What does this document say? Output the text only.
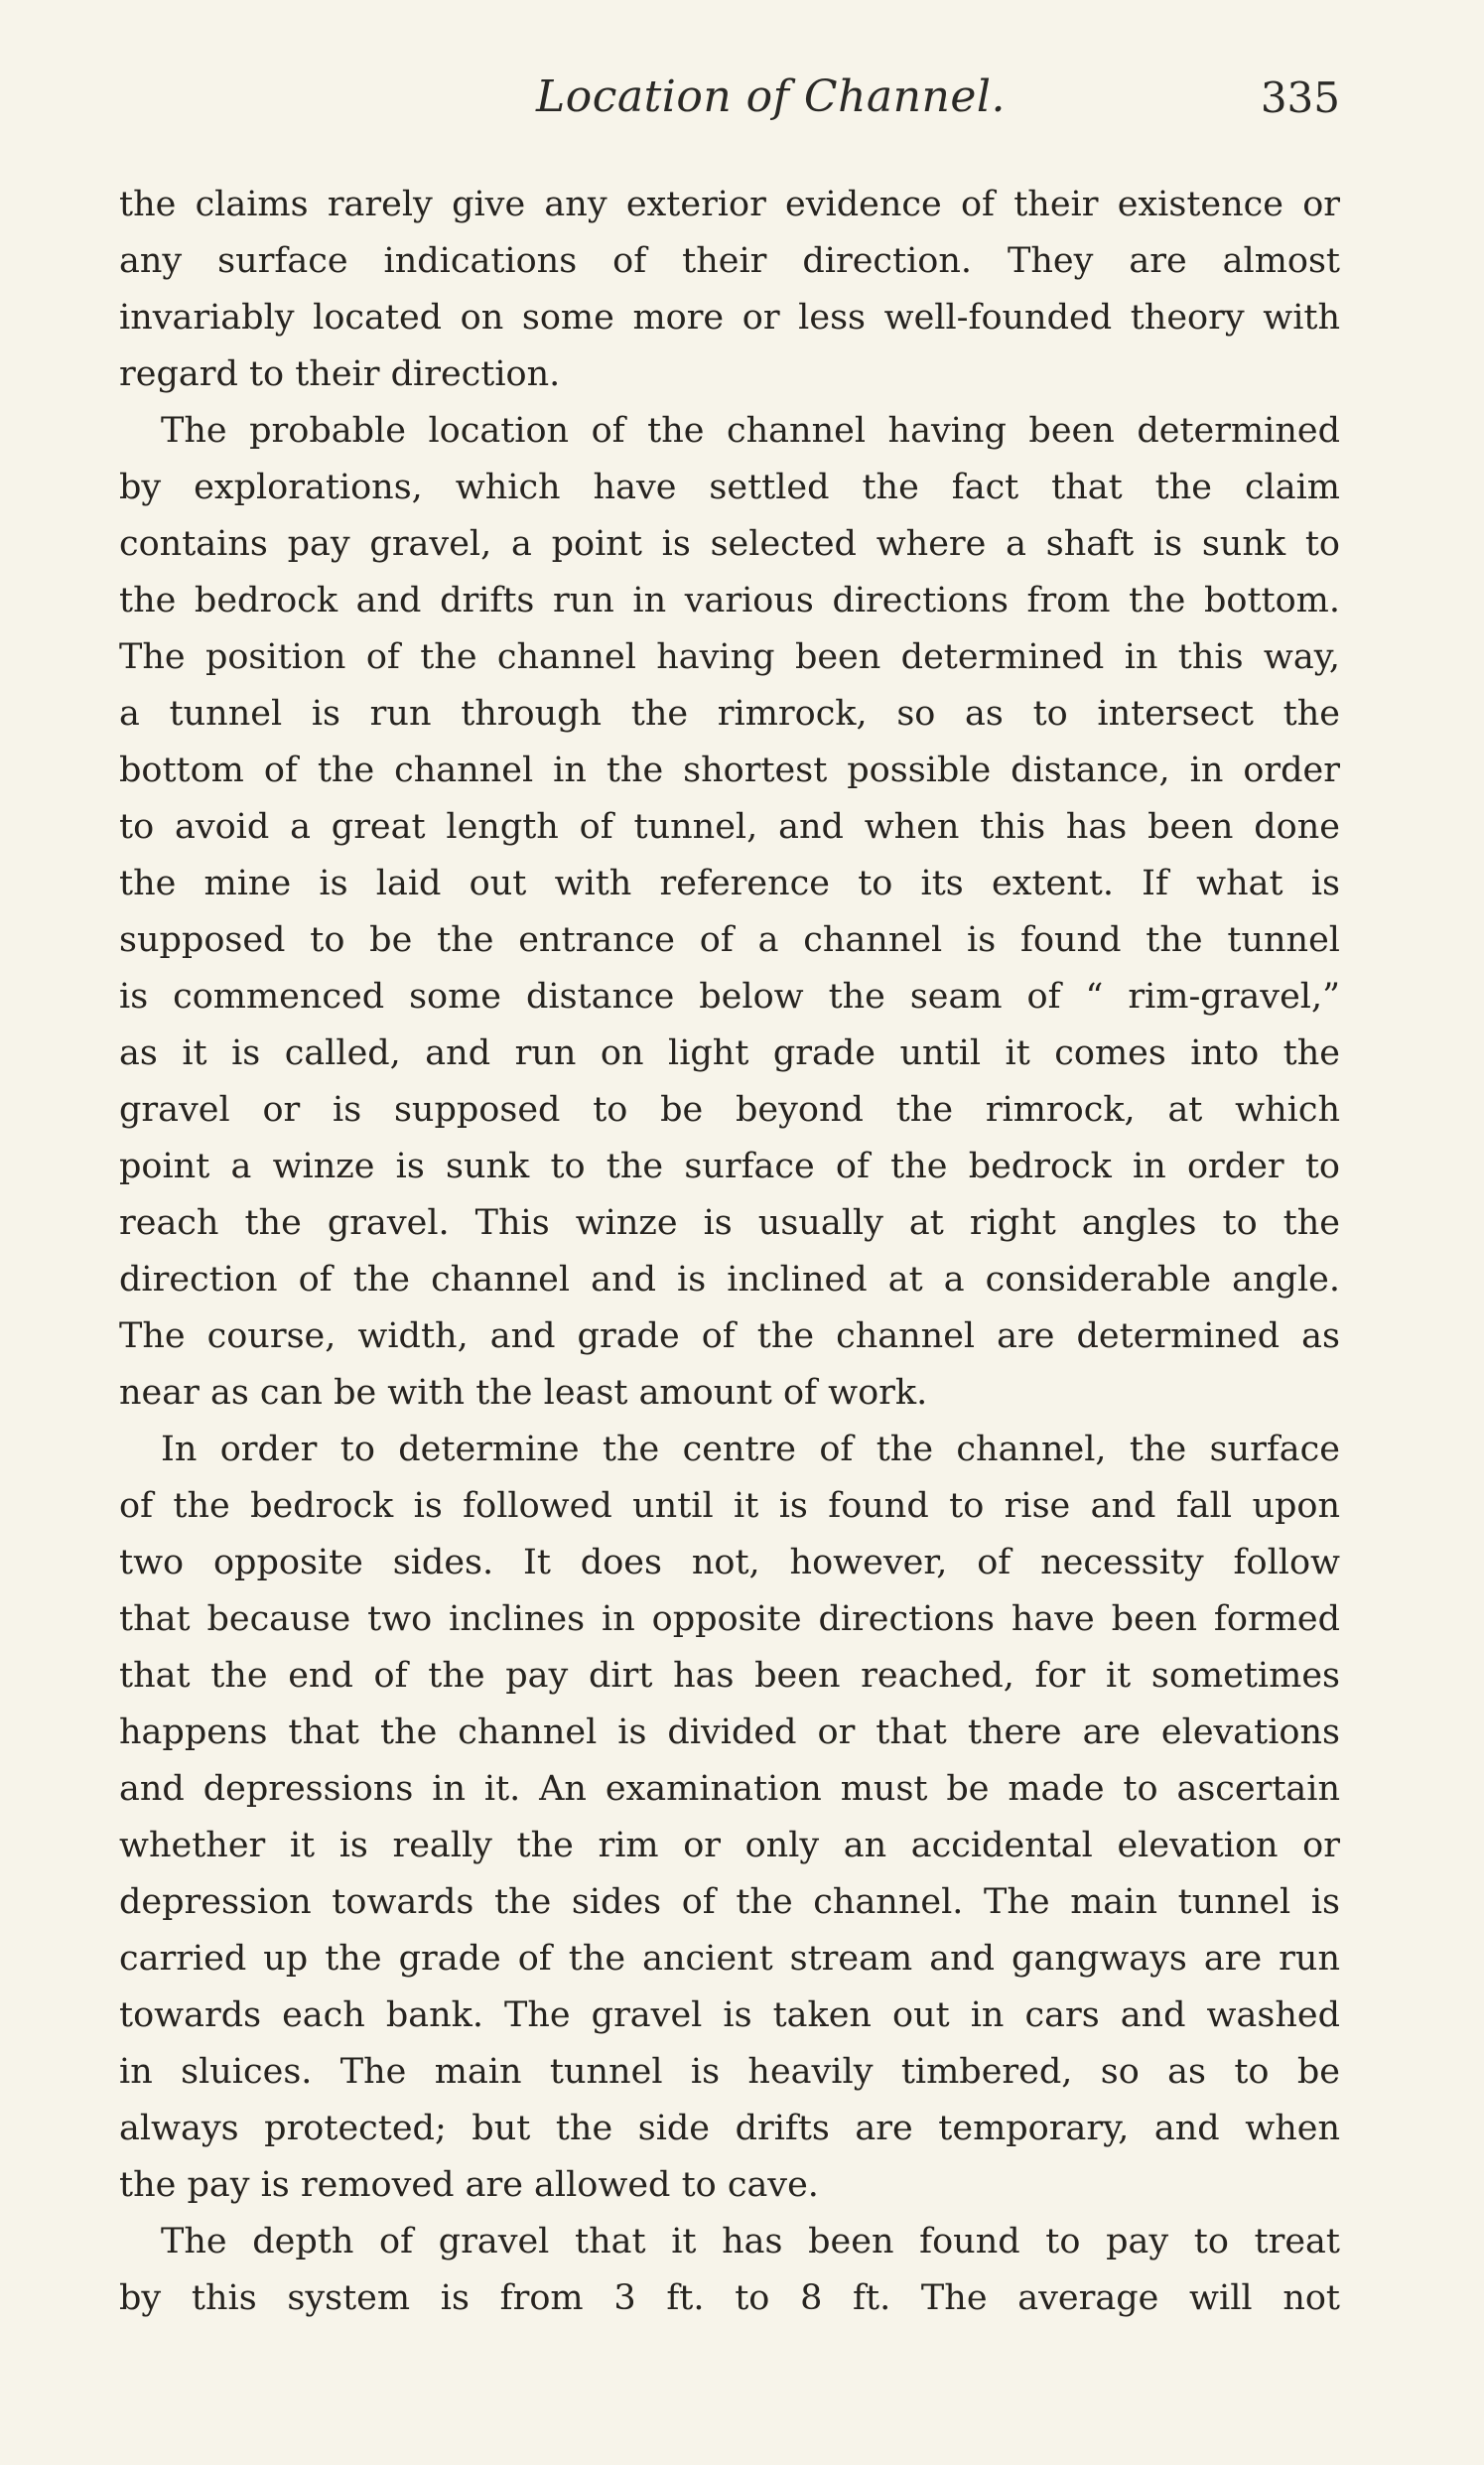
Location of Channel.	335
the claims rarely give any exterior evidence of their existence or
any surface indications of their direction. They are almost
invariably located on some more or less well-founded theory with
regard to their direction.
The probable location of the channel having been determined
by explorations, which have settled the fact that the claim
contains pay gravel, a point is selected where a shaft is sunk to
the bedrock and drifts run in various directions from the bottom.
The position of the channel having been determined in this way,
a tunnel is run through the rimrock, so as to intersect the
bottom of the channel in the shortest possible distance, in order
to avoid a great length of tunnel, and when this has been done
the mine is laid out with reference to its extent. If what is
supposed to be the entrance of a channel is found the tunnel
is commenced some distance below the seam of “ rim-gravel,”
as it is called, and run on light grade until it comes into the
gravel or is supposed to be beyond the rimrock, at which
point a winze is sunk to the surface of the bedrock in order to
reach the gravel. This winze is usually at right angles to the
direction of the channel and is inclined at a considerable angle.
The course, width, and grade of the channel are determined as
near as can be with the least amount of work.
In order to determine the centre of the channel, the surface
of the bedrock is followed until it is found to rise and fall upon
two opposite sides. It does not, however, of necessity follow
that because two inclines in opposite directions have been formed
that the end of the pay dirt has been reached, for it sometimes
happens that the channel is divided or that there are elevations
and depressions in it. An examination must be made to ascertain
whether it is really the rim or only an accidental elevation or
depression towards the sides of the channel. The main tunnel is
carried up the grade of the ancient stream and gangways are run
towards each bank. The gravel is taken out in cars and washed
in sluices. The main tunnel is heavily timbered, so as to be
always protected; but the side drifts are temporary, and when
the pay is removed are allowed to cave.
The depth of gravel that it has been found to pay to treat
by this system is from 3 ft. to 8 ft. The average will not
